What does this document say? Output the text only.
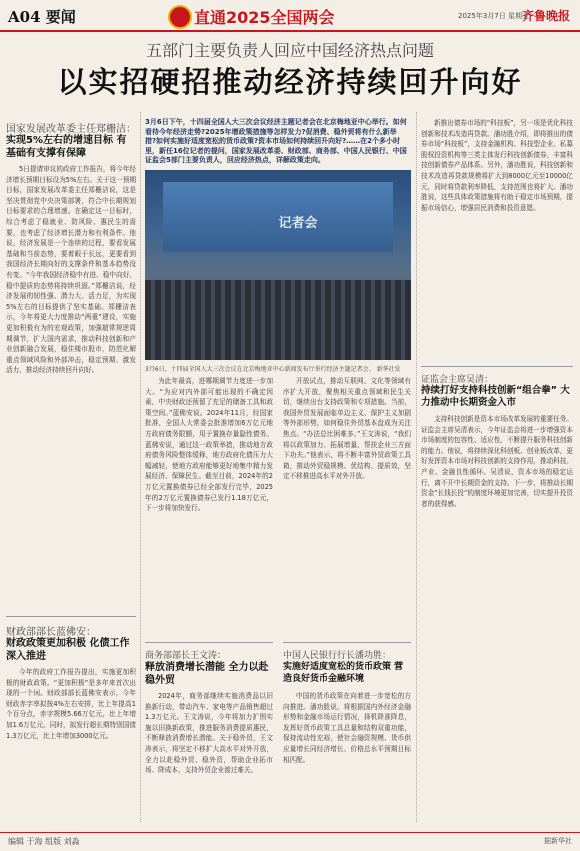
A04 要闻	直通2025全国两会	2025年3月7日 星期五
齐鲁晚报
五部门主要负责人回应中国经济热点问题
以实招硬招推动经济持续回升向好
国家发展改革委主任郑栅洁：
实现5%左右的增速目标 有基础有支撑有保障
5日提请审议的政府工作报告，将今年经济增长预期目标设为5%左右。关于这一预期目标，国家发展改革委主任郑栅洁说，这是坚决贯彻党中央决策部署，符合中长期规划目标要求的合理增速。在确定这一目标时，综合考虑了稳就业、防风险、惠民生的需要，也考虑了经济增长潜力和有利条件。他说，经济发展是一个连续的过程，要看发展基础和当前态势，要着眼于长远，更要看到我国经济长期向好的支撑条件和基本趋势没有变。“今年我国经济稳中有进、稳中向好、稳中提质的态势将持续巩固。”郑栅洁说，经济发展的韧性强、潜力大、活力足，为实现5%左右的目标提供了坚实基础。郑栅洁表示，今年将更大力度推动“两重”建设，实施更加积极有为的宏观政策，加强超常规逆周期调节，扩大国内需求，推动科技创新和产业创新融合发展，稳住楼市股市，防范化解重点领域风险和外部冲击，稳定预期、激发活力，推动经济持续回升向好。
财政部部长蓝佛安：
财政政策更加积极 化债工作深入推进
今年的政府工作报告提出，实施更加积极的财政政策。“更加积极”是多年来首次出现的一个词。财政部部长蓝佛安表示，今年财政赤字率拟按4%左右安排，比上年提高1个百分点，赤字规模5.66万亿元，比上年增加1.6万亿元。同时，拟发行超长期特别国债1.3万亿元，比上年增加3000亿元。
3月6日下午，十四届全国人大三次会议经济主题记者会在北京梅地亚中心举行。如何看待今年经济走势?2025年增政策措施等怎样发力?促消费、稳外贸将有什么新举措?如何实施好适度宽松的货币政策?资本市场如何持续回升向好?……在2个多小时里，新任16位记者的提问，国家发展改革委、财政部、商务部、中国人民银行、中国证监会5部门主要负责人，回应经济热点，详解政策走向。
记者会
3月6日，十四届全国人大三次会议在北京梅地亚中心新闻发布厅举行经济主题记者会。 新华社发
为此年最高，进哪期调节力度进一步加大。“为应对内外部可能出现的不确定因素，中央财政还预留了充足的储备工具和政策空间。”蓝佛安说。2024年11月，经国家批准，全国人大常委会批准增加6万亿元地方政府债务限额，用于置换存量隐性债务。蓝佛安说，通过这一政策举措，推动地方政府债务风险整体缓释，地方政府化债压力大幅减轻，使地方政府能够更好地集中精力发展经济、保障民生。截至目前，2024年的2万亿元置换债券已经全部发行完毕，2025年的2万亿元置换债券已发行1.18万亿元，下一步将加快发行。
商务部部长王文涛：
释放消费增长潜能 全力以赴稳外贸
2024年，商务部继续实施消费品以旧换新行动，带动汽车、家电等产品销售超过1.3万亿元。王文涛说，今年将加力扩围实施以旧换新政策，推进服务消费提质惠民，不断释放消费增长潜能。关于稳外贸，王文涛表示，将坚定不移扩大高水平对外开放，全力以赴稳外贸、稳外资，帮助企业拓市场、降成本，支持外贸企业渡过难关。
开放试点，推动互联网、文化等领域有序扩大开放，聚焦相关重点领域和民生关切，继续出台支持政策和专项措施。当前，我国外贸发展面临单边主义、保护主义加剧等外部形势，如何稳住外贸基本盘成为关注焦点。“办法总比困难多。”王文涛说，“我们将以政策加力、拓展增量、帮扶企业三方面下功夫。”他表示，将不断丰富外贸政策工具箱，推动外贸稳规模、优结构、提质效，坚定不移推进高水平对外开放。
中国人民银行行长潘功胜：
实施好适度宽松的货币政策 营造良好货币金融环境
中国的货币政策在向着进一步宽松的方向推进。潘功胜说，将根据国内外经济金融形势和金融市场运行情况，择机降准降息，发挥好货币政策工具总量和结构双重功能，保持流动性充裕，使社会融资规模、货币供应量增长同经济增长、价格总水平预期目标相匹配。
新推出债券市场的“科技板”，另一项是优化科技创新和技术改造再贷款。潘功胜介绍，即将推出的债券市场“科技板”，支持金融机构、科技型企业、私募股权投资机构等三类主体发行科技创新债券，丰富科技创新债券产品体系。另外，潘功胜说，科技创新和技术改造再贷款规模将扩大到8000亿元至10000亿元，同时将贷款利率降低，支持范围也将扩大。潘功胜说，这些具体政策措施将有助于稳定市场预期，提振市场信心，增强居民消费和投资意愿。
证监会主席吴清：
持续打好支持科技创新“组合拳” 大力推动中长期资金入市
支持科技创新是资本市场改革发展的重要任务。证监会主席吴清表示，今年证监会将进一步增强资本市场制度的包容性、适应性，不断提升服务科技创新的能力。他说，将持续深化科创板、创业板改革，更好发挥资本市场对科技创新的支持作用，推动科技、产业、金融良性循环。吴清说，资本市场的稳定运行，离不开中长期资金的支持。下一步，将推动长期资金“长钱长投”的制度环境更加完善，切实提升投资者的获得感。
编辑 于海 组版 刘淼	据新华社
